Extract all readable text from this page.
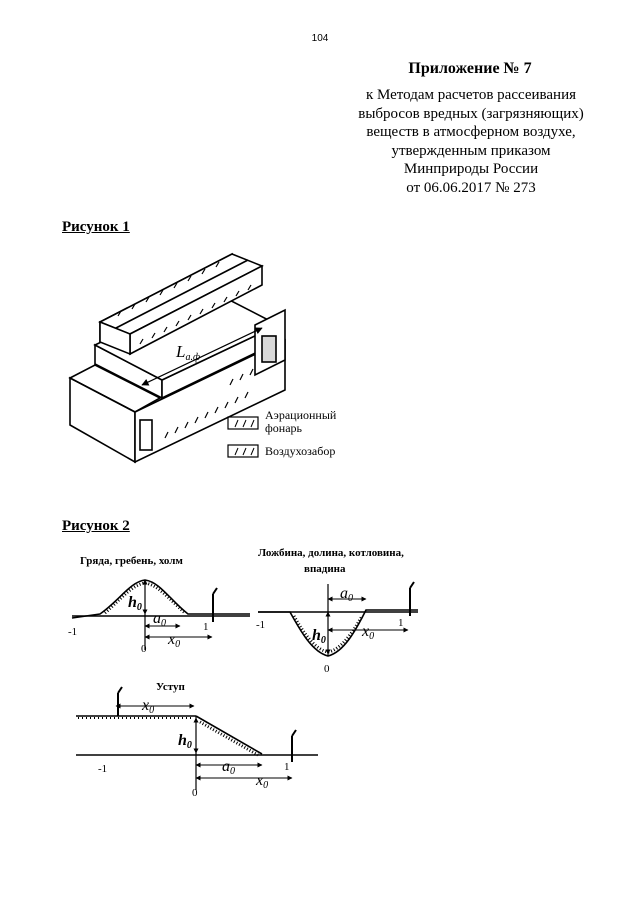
104
Приложение № 7
к Методам расчетов рассеивания
выбросов вредных (загрязняющих)
веществ в атмосферном воздухе,
утвержденным приказом
Минприроды России
от 06.06.2017 № 273
Рисунок 1
Рисунок 2
Lа.ф
Аэрационный
фонарь
Воздухозабор
Гряда, гребень, холм
h0
a0
x0
-1	1
0
Ложбина, долина, котловина,
впадина
h0
a0
x0
-1	1
0
Уступ
h0
x0
a0
x0
-1	1
0
